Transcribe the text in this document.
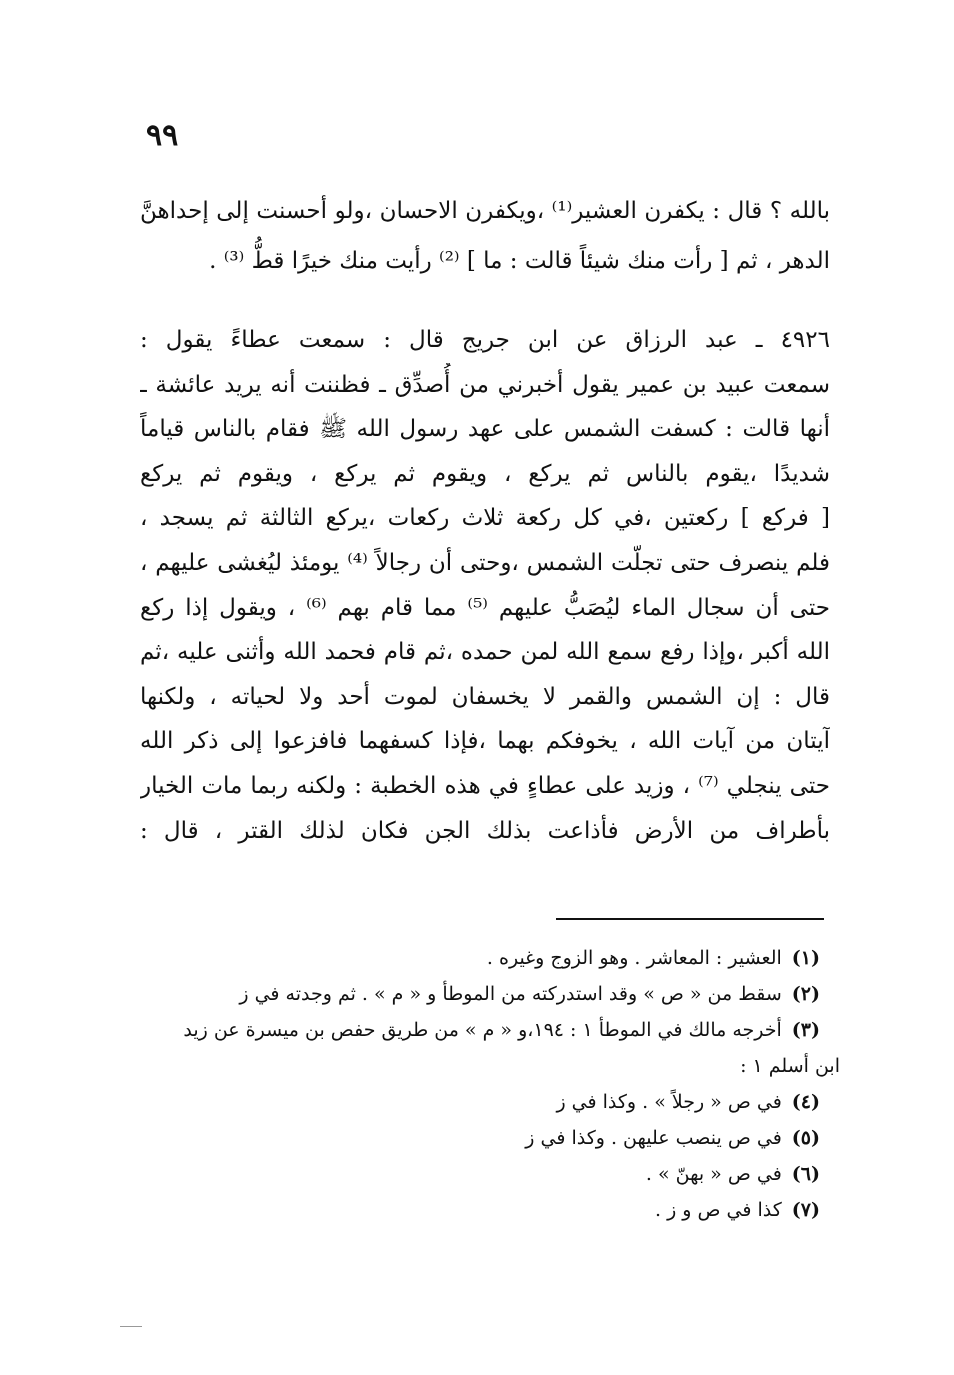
٩٩
بالله ؟ قال : يكفرن العشير⁽¹⁾ ،ويكفرن الاحسان ،ولو أحسنت إلى إحداهنَّ
الدهر ، ثم [ رأت منك شيئاً قالت : ما ] ⁽²⁾ رأيت منك خيرًا قطُّ ⁽³⁾ .
٤٩٢٦ ـ عبد الرزاق عن ابن جريج قال : سمعت عطاءً يقول :
سمعت عبيد بن عمير يقول أخبرني من أُصدِّق ـ فظننت أنه يريد عائشة ـ
أنها قالت : كسفت الشمس على عهد رسول الله ﷺ فقام بالناس قياماً
شديدًا ،يقوم بالناس ثم يركع ، ويقوم ثم يركع ، ويقوم ثم يركع
[ فركع ] ركعتين ،في كل ركعة ثلاث ركعات ،يركع الثالثة ثم يسجد ،
فلم ينصرف حتى تجلّت الشمس ،وحتى أن رجالاً ⁽⁴⁾ يومئذ ليُغشى عليهم ،
حتى أن سجال الماء ليُصَبُّ عليهم ⁽⁵⁾ مما قام بهم ⁽⁶⁾ ، ويقول إذا ركع
الله أكبر ،وإذا رفع سمع الله لمن حمده ،ثم قام فحمد الله وأثنى عليه ،ثم
قال : إن الشمس والقمر لا يخسفان لموت أحد ولا لحياته ، ولكنها
آيتان من آيات الله ، يخوفكم بهما ،فإذا كسفهما فافزعوا إلى ذكر الله
حتى ينجلي ⁽⁷⁾ ، وزيد على عطاءٍ في هذه الخطبة : ولكنه ربما مات الخيار
بأطراف من الأرض فأذاعت بذلك الجن فكان لذلك القتر ، قال :
(١)العشير : المعاشر . وهو الزوج وغيره .
(٢)سقط من « ص » وقد استدركته من الموطأ و « م » . ثم وجدته في ز
(٣)أخرجه مالك في الموطأ ١ : ١٩٤،و « م » من طريق حفص بن ميسرة عن زيد
ابن أسلم ١ :
(٤)في ص « رجلاً » . وكذا في ز
(٥)في ص ينصب عليهن . وكذا في ز
(٦)في ص « بهنّ » .
(٧)كذا في ص و ز .
